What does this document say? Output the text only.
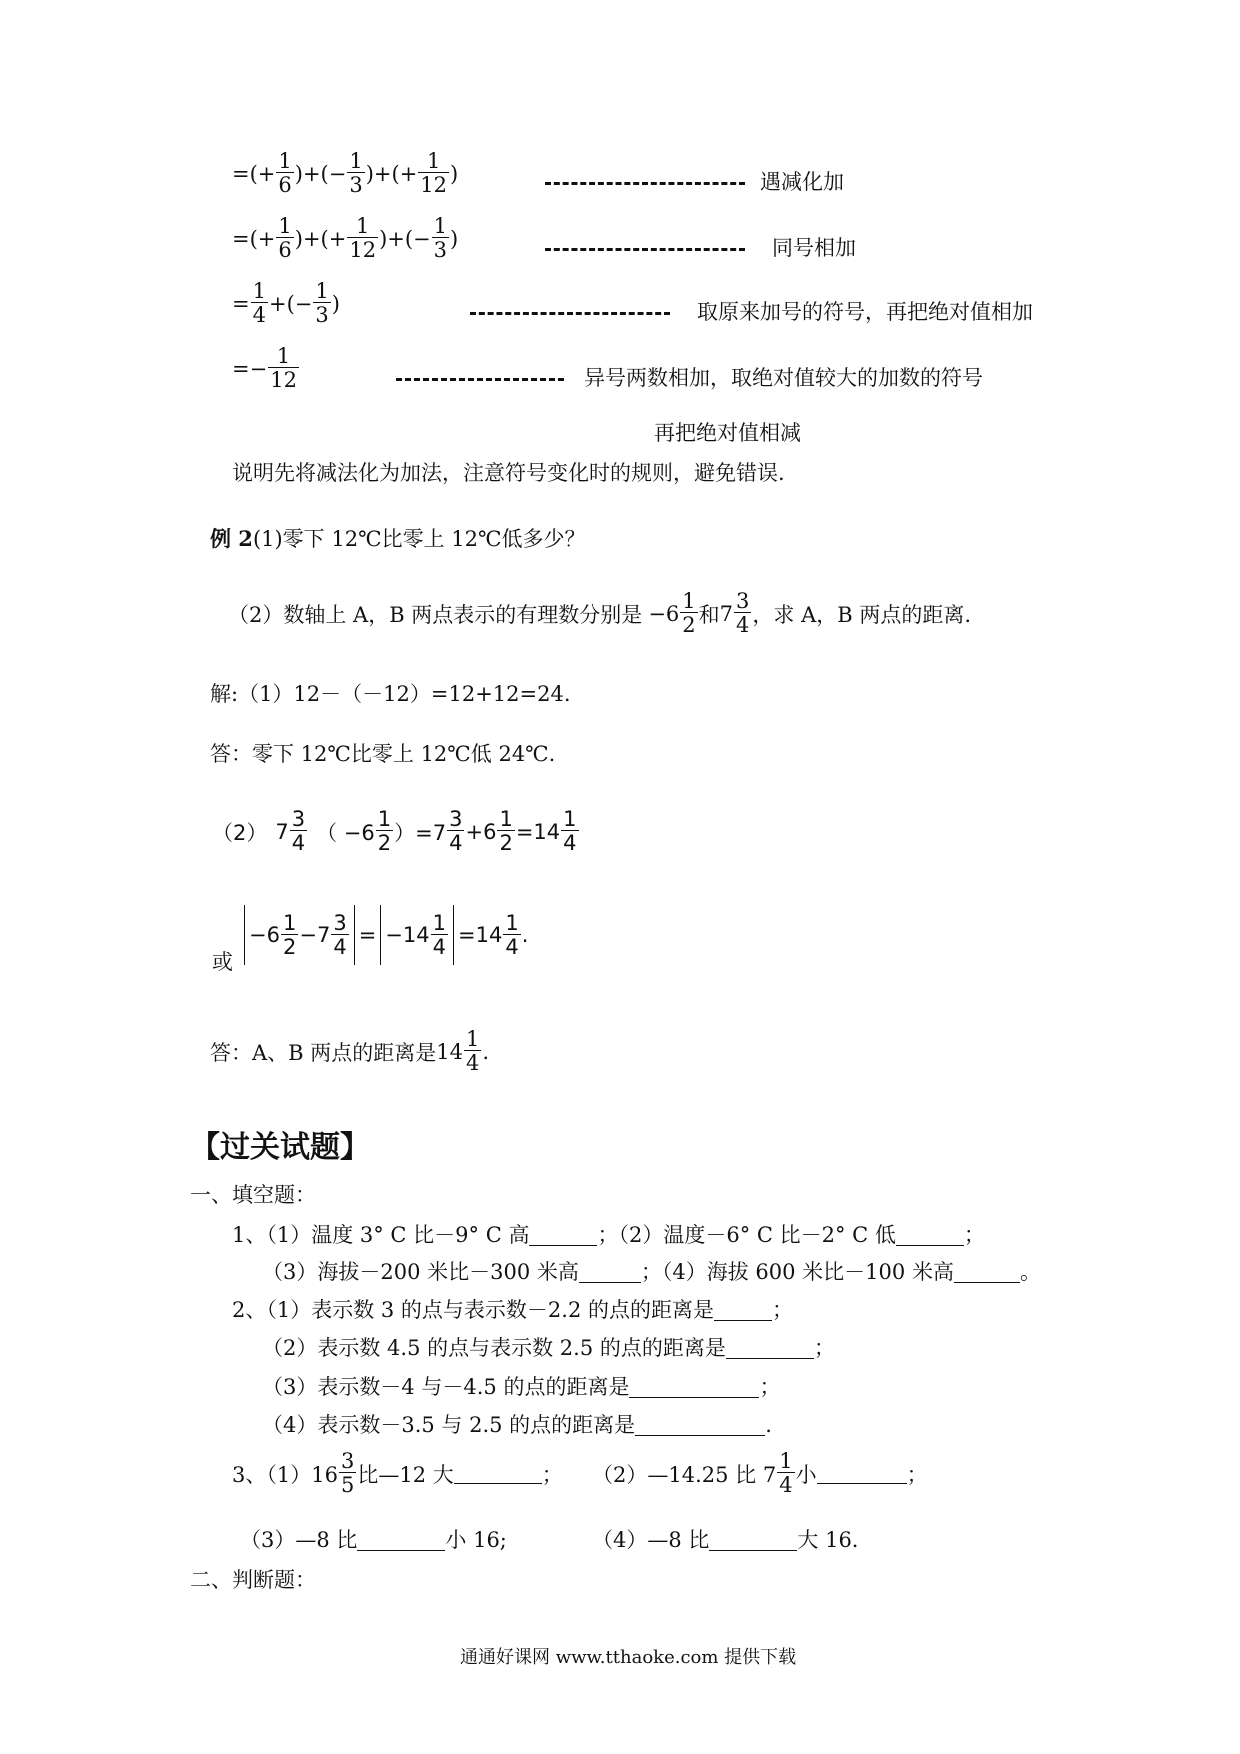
=(+ $\frac{1}{6}$ )+(− $\frac{1}{3}$ )+(+ $\frac{1}{12}$ )	遇减化加
=(+ $\frac{1}{6}$ )+(+ $\frac{1}{12}$ )+(− $\frac{1}{3}$ )	同号相加
= $\frac{1}{4}$ +(− $\frac{1}{3}$ )	取原来加号的符号，再把绝对值相加
=− $\frac{1}{12}$	异号两数相加，取绝对值较大的加数的符号
再把绝对值相减
说明先将减法化为加法，注意符号变化时的规则，避免错误.
例 2(1)零下 12℃比零上 12℃低多少？
（2）数轴上 A，B 两点表示的有理数分别是 $-6 \frac{1}{2}$ 和 $7 \frac{3}{4}$ ，求 A，B 两点的距离.
解:（1）12－（－12）=12+12=24.
答：零下 12℃比零上 12℃低 24℃.
（2） $7 \frac{3}{4}$ （ $-6 \frac{1}{2} )=7 \frac{3}{4} +6 \frac{1}{2} =14 \frac{1}{4}$
或
$-6 \frac{1}{2} -7 \frac{3}{4} = -14 \frac{1}{4} =14 \frac{1}{4}$ .
答：A、B 两点的距离是 $14 \frac{1}{4}$ .
【过关试题】
一、填空题：
1、（1）温度 3° C 比－9° C 高	；（2）温度－6° C 比－2° C 低	；
（3）海拔－200 米比－300 米高	；（4）海拔 600 米比－100 米高	。
2、（1）表示数 3 的点与表示数－2.2 的点的距离是	；
（2）表示数 4.5 的点与表示数 2.5 的点的距离是	；
（3）表示数－4 与－4.5 的点的距离是	；
（4）表示数－3.5 与 2.5 的点的距离是	.
3、$(1)16 \frac{3}{5}$ 比—12 大	； （2）—14.25 比 $7 \frac{1}{4}$ 小	；
（3）—8 比	小 16;	（4）—8 比	大 16.
二、判断题：
通通好课网 www.tthaoke.com 提供下载
